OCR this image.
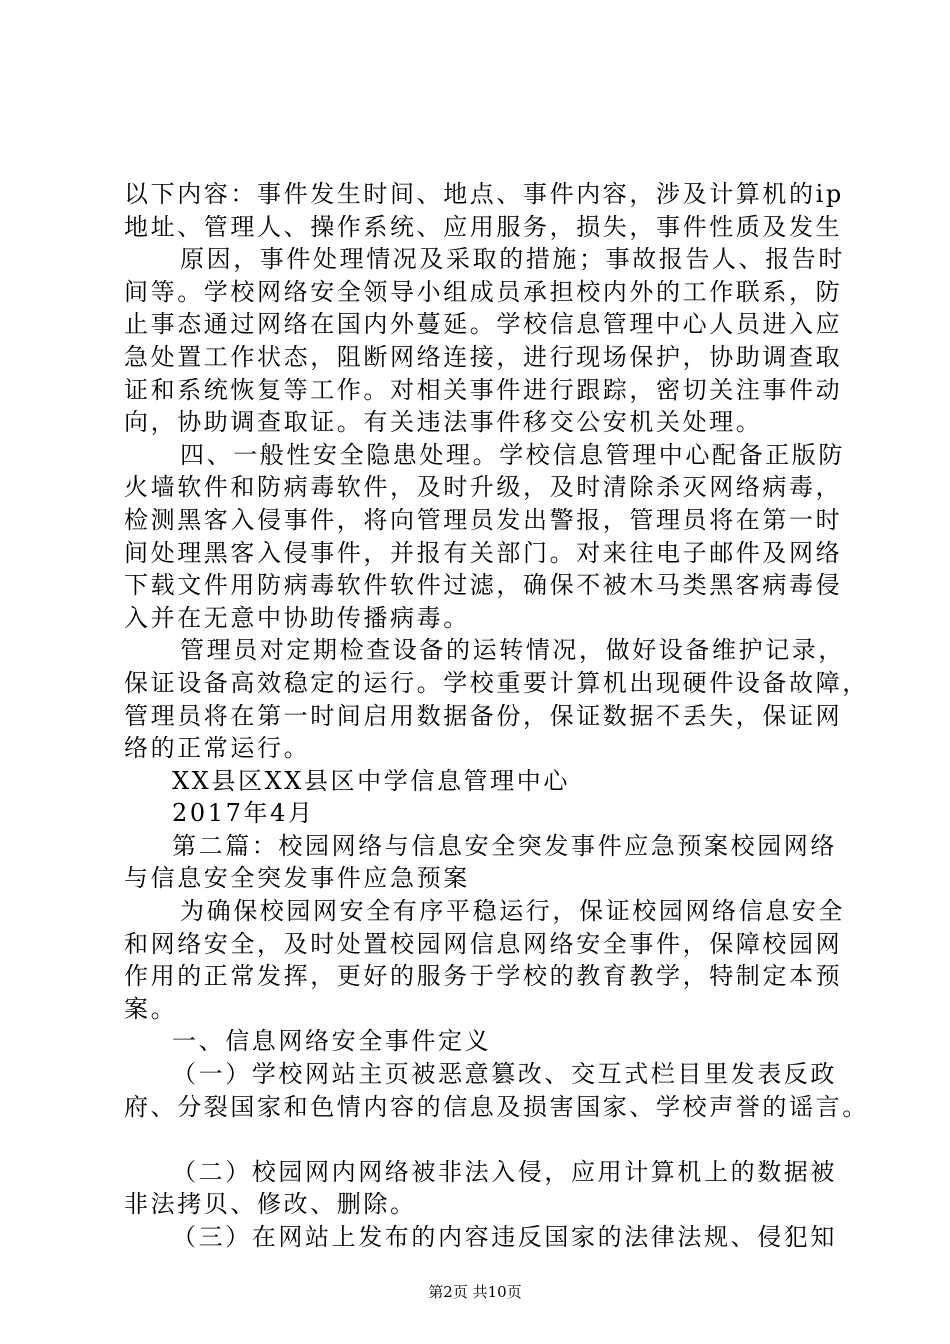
以下内容：事件发生时间、地点、事件内容，涉及计算机的ip
地址、管理人、操作系统、应用服务，损失，事件性质及发生
原因，事件处理情况及采取的措施；事故报告人、报告时
间等。学校网络安全领导小组成员承担校内外的工作联系，防
止事态通过网络在国内外蔓延。学校信息管理中心人员进入应
急处置工作状态，阻断网络连接，进行现场保护，协助调查取
证和系统恢复等工作。对相关事件进行跟踪，密切关注事件动
向，协助调查取证。有关违法事件移交公安机关处理。
四、一般性安全隐患处理。学校信息管理中心配备正版防
火墙软件和防病毒软件，及时升级，及时清除杀灭网络病毒，
检测黑客入侵事件，将向管理员发出警报，管理员将在第一时
间处理黑客入侵事件，并报有关部门。对来往电子邮件及网络
下载文件用防病毒软件软件过滤，确保不被木马类黑客病毒侵
入并在无意中协助传播病毒。
管理员对定期检查设备的运转情况，做好设备维护记录，
保证设备高效稳定的运行。学校重要计算机出现硬件设备故障，
管理员将在第一时间启用数据备份，保证数据不丢失，保证网
络的正常运行。
XX县区XX县区中学信息管理中心
2017年4月
第二篇：校园网络与信息安全突发事件应急预案校园网络
与信息安全突发事件应急预案
为确保校园网安全有序平稳运行，保证校园网络信息安全
和网络安全，及时处置校园网信息网络安全事件，保障校园网
作用的正常发挥，更好的服务于学校的教育教学，特制定本预
案。
一、信息网络安全事件定义
（一）学校网站主页被恶意篡改、交互式栏目里发表反政
府、分裂国家和色情内容的信息及损害国家、学校声誉的谣言。
（二）校园网内网络被非法入侵，应用计算机上的数据被
非法拷贝、修改、删除。
（三）在网站上发布的内容违反国家的法律法规、侵犯知
第2页 共10页
